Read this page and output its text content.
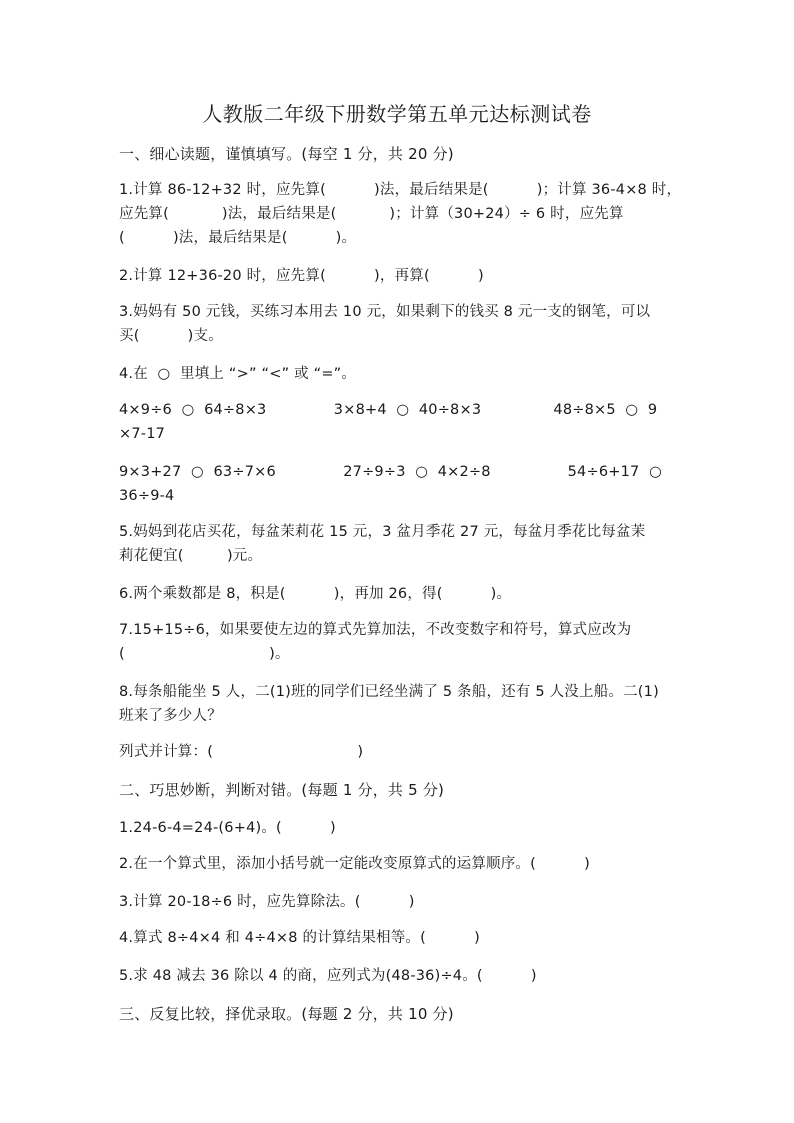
人教版二年级下册数学第五单元达标测试卷
一、细心读题，谨慎填写。(每空 1 分，共 20 分)
1.计算 86-12+32 时，应先算(          )法，最后结果是(          )；计算 36-4×8 时，
应先算(           )法，最后结果是(           )；计算（30+24）÷ 6 时，应先算
(          )法，最后结果是(          )。
2.计算 12+36-20 时，应先算(          )，再算(          )
3.妈妈有 50 元钱，买练习本用去 10 元，如果剩下的钱买 8 元一支的钢笔，可以
买(          )支。
4.在  ○  里填上 “>” “<” 或 “=”。
4×9÷6  ○  64÷8×3              3×8+4  ○  40÷8×3               48÷8×5  ○  9
×7-17
9×3+27  ○  63÷7×6              27÷9÷3  ○  4×2÷8                54÷6+17  ○
36÷9-4
5.妈妈到花店买花，每盆茉莉花 15 元，3 盆月季花 27 元，每盆月季花比每盆茉
莉花便宜(         )元。
6.两个乘数都是 8，积是(          )，再加 26，得(          )。
7.15+15÷6，如果要使左边的算式先算加法，不改变数字和符号，算式应改为
(                              )。
8.每条船能坐 5 人，二(1)班的同学们已经坐满了 5 条船，还有 5 人没上船。二(1)
班来了多少人？
列式并计算：(                              )
二、巧思妙断，判断对错。(每题 1 分，共 5 分)
1.24-6-4=24-(6+4)。(          )
2.在一个算式里，添加小括号就一定能改变原算式的运算顺序。(          )
3.计算 20-18÷6 时，应先算除法。(          )
4.算式 8÷4×4 和 4÷4×8 的计算结果相等。(          )
5.求 48 减去 36 除以 4 的商，应列式为(48-36)÷4。(          )
三、反复比较，择优录取。(每题 2 分，共 10 分)
